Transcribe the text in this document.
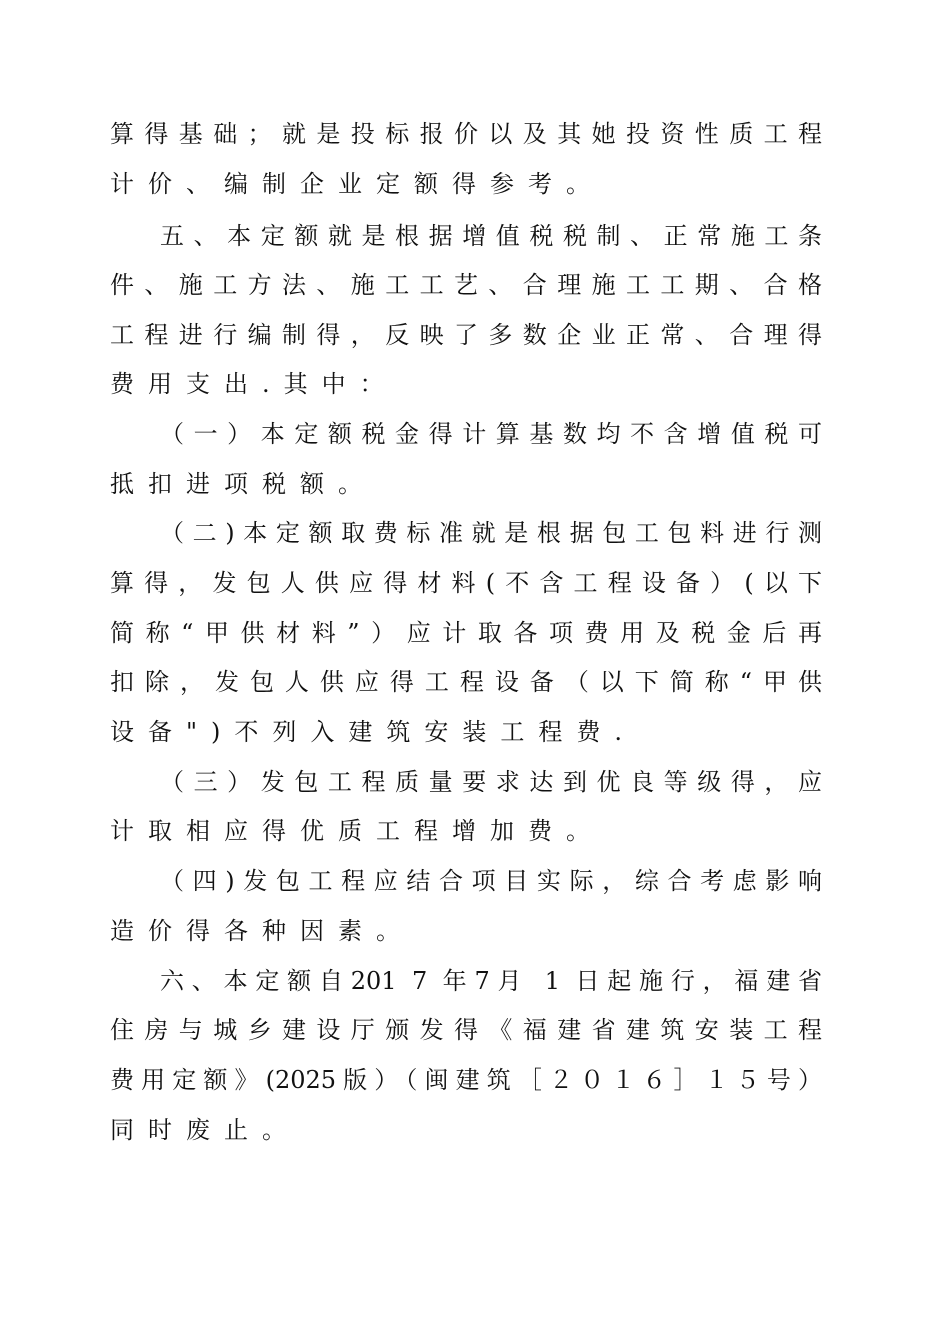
算得基础；就是投标报价以及其她投资性质工程
计价、编制企业定额得参考。
五、本定额就是根据增值税税制、正常施工条
件、施工方法、施工工艺、合理施工工期、合格
工程进行编制得，反映了多数企业正常、合理得
费用支出.其中：
（一）本定额税金得计算基数均不含增值税可
抵扣进项税额。
（二)本定额取费标准就是根据包工包料进行测
算得，发包人供应得材料(不含工程设备）(以下
简称“甲供材料”）应计取各项费用及税金后再
扣除，发包人供应得工程设备（以下简称“甲供
设备")不列入建筑安装工程费.
（三）发包工程质量要求达到优良等级得，应
计取相应得优质工程增加费。
（四)发包工程应结合项目实际，综合考虑影响
造价得各种因素。
六、本定额自201 7 年7月 1 日起施行，福建省
住房与城乡建设厅颁发得《福建省建筑安装工程
费用定额》(2025版）（闽建筑［２０１６］１５号）
同时废止。
